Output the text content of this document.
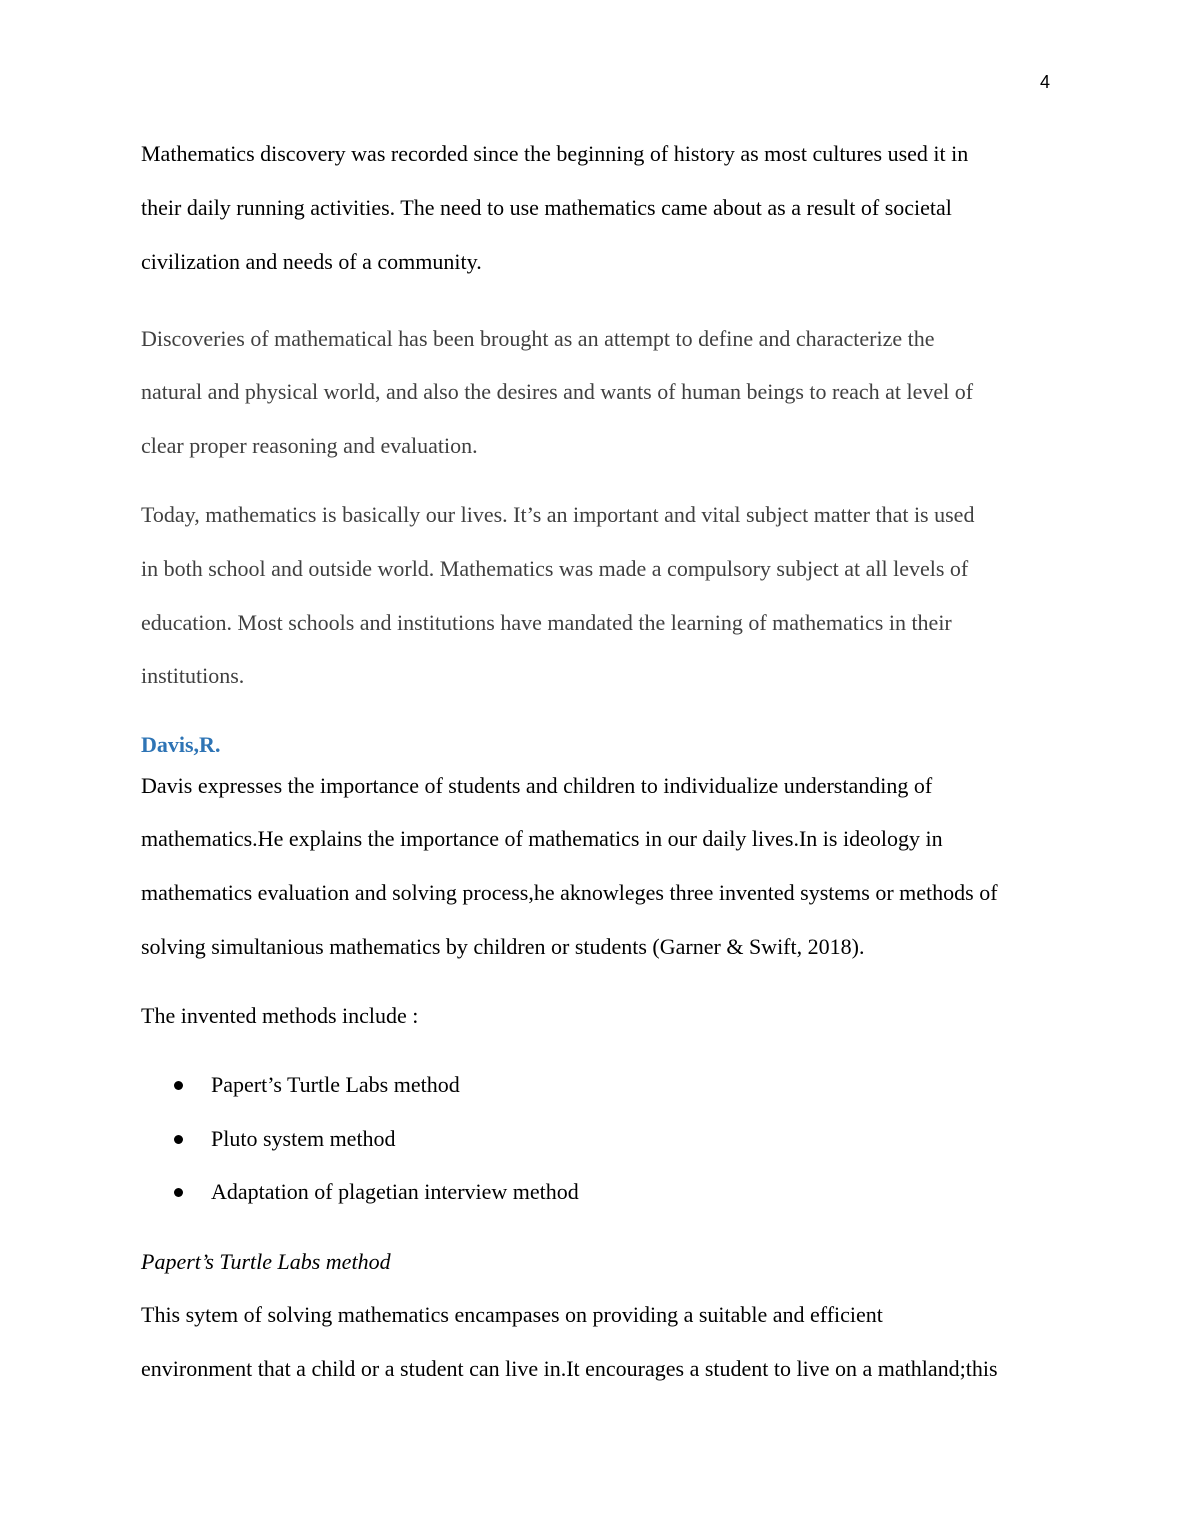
4
Mathematics discovery was recorded since the beginning of history as most cultures used it in
their daily running activities. The need to use mathematics came about as a result of societal
civilization and needs of a community.
Discoveries of mathematical has been brought as an attempt to define and characterize the
natural and physical world, and also the desires and wants of human beings to reach at level of
clear proper reasoning and evaluation.
Today, mathematics is basically our lives. It’s an important and vital subject matter that is used
in both school and outside world. Mathematics was made a compulsory subject at all levels of
education. Most schools and institutions have mandated the learning of mathematics in their
institutions.
Davis,R.
Davis expresses the importance of students and children to individualize understanding of
mathematics.He explains the importance of mathematics in our daily lives.In is ideology in
mathematics evaluation and solving process,he aknowleges three invented systems or methods of
solving simultanious mathematics by children or students (Garner & Swift, 2018).
The invented methods include :
Papert’s Turtle Labs method
Pluto system method
Adaptation of plagetian interview method
Papert’s Turtle Labs method
This sytem of solving mathematics encampases on providing a suitable and efficient
environment that a child or a student can live in.It encourages a student to live on a mathland;this
